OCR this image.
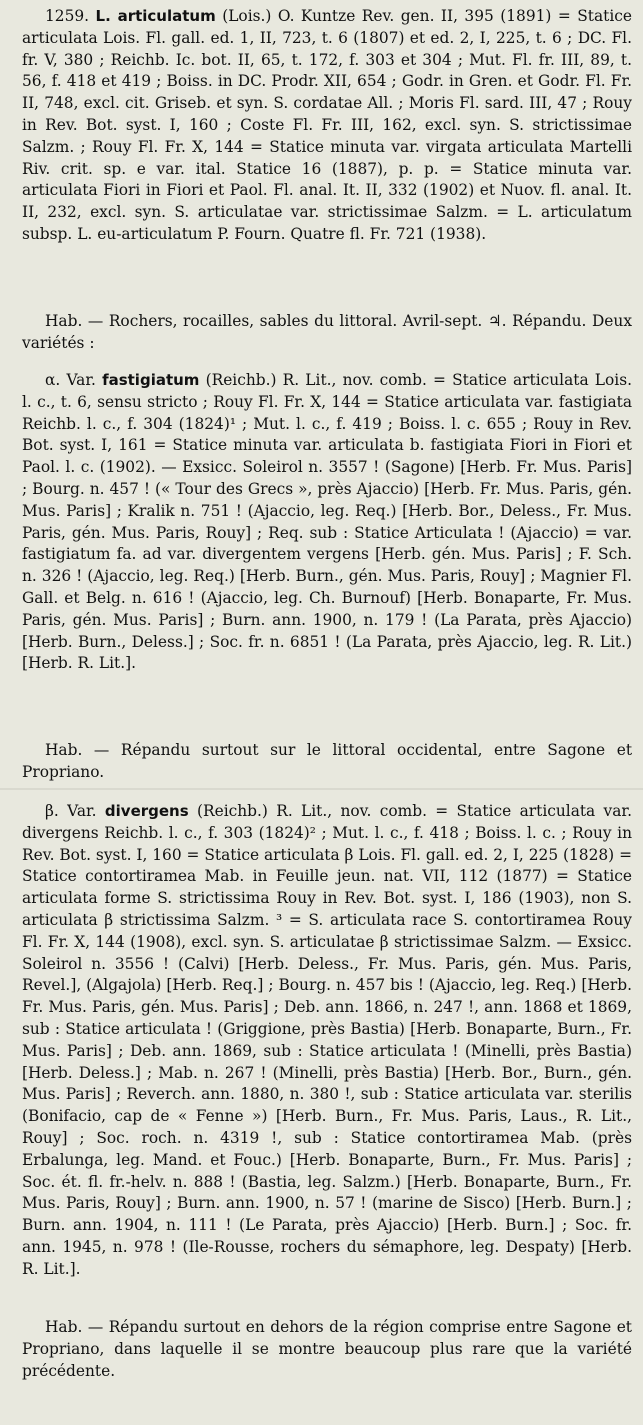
1259. L. articulatum (Lois.) O. Kuntze Rev. gen. II, 395 (1891) = Statice articulata Lois. Fl. gall. ed. 1, II, 723, t. 6 (1807) et ed. 2, I, 225, t. 6 ; DC. Fl. fr. V, 380 ; Reichb. Ic. bot. II, 65, t. 172, f. 303 et 304 ; Mut. Fl. fr. III, 89, t. 56, f. 418 et 419 ; Boiss. in DC. Prodr. XII, 654 ; Godr. in Gren. et Godr. Fl. Fr. II, 748, excl. cit. Griseb. et syn. S. cordatae All. ; Moris Fl. sard. III, 47 ; Rouy in Rev. Bot. syst. I, 160 ; Coste Fl. Fr. III, 162, excl. syn. S. strictissimae Salzm. ; Rouy Fl. Fr. X, 144 = Statice minuta var. virgata articulata Martelli Riv. crit. sp. e var. ital. Statice 16 (1887), p. p. = Statice minuta var. articulata Fiori in Fiori et Paol. Fl. anal. It. II, 332 (1902) et Nuov. fl. anal. It. II, 232, excl. syn. S. articulatae var. strictissimae Salzm. = L. articulatum subsp. L. eu-articulatum P. Fourn. Quatre fl. Fr. 721 (1938).

Hab. — Rochers, rocailles, sables du littoral. Avril-sept. ♃. Répandu. Deux variétés :

α. Var. fastigiatum (Reichb.) R. Lit., nov. comb. = Statice articulata Lois. l. c., t. 6, sensu stricto ; Rouy Fl. Fr. X, 144 = Statice articulata var. fastigiata Reichb. l. c., f. 304 (1824)¹ ; Mut. l. c., f. 419 ; Boiss. l. c. 655 ; Rouy in Rev. Bot. syst. I, 161 = Statice minuta var. articulata b. fastigiata Fiori in Fiori et Paol. l. c. (1902). — Exsicc. Soleirol n. 3557 ! (Sagone) [Herb. Fr. Mus. Paris] ; Bourg. n. 457 ! (« Tour des Grecs », près Ajaccio) [Herb. Fr. Mus. Paris, gén. Mus. Paris] ; Kralik n. 751 ! (Ajaccio, leg. Req.) [Herb. Bor., Deless., Fr. Mus. Paris, gén. Mus. Paris, Rouy] ; Req. sub : Statice Articulata ! (Ajaccio) = var. fastigiatum fa. ad var. divergentem vergens [Herb. gén. Mus. Paris] ; F. Sch. n. 326 ! (Ajaccio, leg. Req.) [Herb. Burn., gén. Mus. Paris, Rouy] ; Magnier Fl. Gall. et Belg. n. 616 ! (Ajaccio, leg. Ch. Burnouf) [Herb. Bonaparte, Fr. Mus. Paris, gén. Mus. Paris] ; Burn. ann. 1900, n. 179 ! (La Parata, près Ajaccio) [Herb. Burn., Deless.] ; Soc. fr. n. 6851 ! (La Parata, près Ajaccio, leg. R. Lit.) [Herb. R. Lit.].

Hab. — Répandu surtout sur le littoral occidental, entre Sagone et Propriano.

β. Var. divergens (Reichb.) R. Lit., nov. comb. = Statice articulata var. divergens Reichb. l. c., f. 303 (1824)² ; Mut. l. c., f. 418 ; Boiss. l. c. ; Rouy in Rev. Bot. syst. I, 160 = Statice articulata β Lois. Fl. gall. ed. 2, I, 225 (1828) = Statice contortiramea Mab. in Feuille jeun. nat. VII, 112 (1877) = Statice articulata forme S. strictissima Rouy in Rev. Bot. syst. I, 186 (1903), non S. articulata β strictissima Salzm. ³ = S. articulata race S. contortiramea Rouy Fl. Fr. X, 144 (1908), excl. syn. S. articulatae β strictissimae Salzm. — Exsicc. Soleirol n. 3556 ! (Calvi) [Herb. Deless., Fr. Mus. Paris, gén. Mus. Paris, Revel.], (Algajola) [Herb. Req.] ; Bourg. n. 457 bis ! (Ajaccio, leg. Req.) [Herb. Fr. Mus. Paris, gén. Mus. Paris] ; Deb. ann. 1866, n. 247 !, ann. 1868 et 1869, sub : Statice articulata ! (Griggione, près Bastia) [Herb. Bonaparte, Burn., Fr. Mus. Paris] ; Deb. ann. 1869, sub : Statice articulata ! (Minelli, près Bastia) [Herb. Deless.] ; Mab. n. 267 ! (Minelli, près Bastia) [Herb. Bor., Burn., gén. Mus. Paris] ; Reverch. ann. 1880, n. 380 !, sub : Statice articulata var. sterilis (Bonifacio, cap de « Fenne ») [Herb. Burn., Fr. Mus. Paris, Laus., R. Lit., Rouy] ; Soc. roch. n. 4319 !, sub : Statice contortiramea Mab. (près Erbalunga, leg. Mand. et Fouc.) [Herb. Bonaparte, Burn., Fr. Mus. Paris] ; Soc. ét. fl. fr.-helv. n. 888 ! (Bastia, leg. Salzm.) [Herb. Bonaparte, Burn., Fr. Mus. Paris, Rouy] ; Burn. ann. 1900, n. 57 ! (marine de Sisco) [Herb. Burn.] ; Burn. ann. 1904, n. 111 ! (Le Parata, près Ajaccio) [Herb. Burn.] ; Soc. fr. ann. 1945, n. 978 ! (Ile-Rousse, rochers du sémaphore, leg. Despaty) [Herb. R. Lit.].

Hab. — Répandu surtout en dehors de la région comprise entre Sagone et Propriano, dans laquelle il se montre beaucoup plus rare que la variété précédente.
